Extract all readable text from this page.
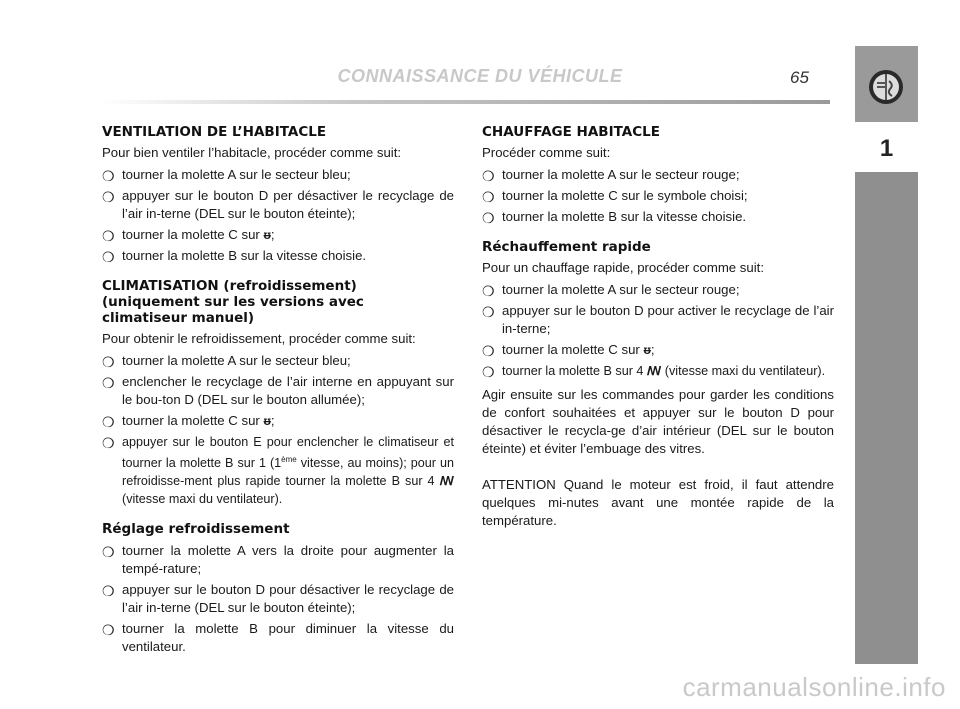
CONNAISSANCE DU VÉHICULE	65
1
VENTILATION DE L’HABITACLE

Pour bien ventiler l’habitacle, procéder comme suit:

❍ tourner la molette A sur le secteur bleu;
❍ appuyer sur le bouton D per désactiver le recyclage de l’air in-terne (DEL sur le bouton éteinte);
❍ tourner la molette C sur ᵿ;
❍ tourner la molette B sur la vitesse choisie.
CLIMATISATION (refroidissement)
(uniquement sur les versions avec
climatiseur manuel)

Pour obtenir le refroidissement, procéder comme suit:

❍ tourner la molette A sur le secteur bleu;
❍ enclencher le recyclage de l’air interne en appuyant sur le bou-ton D (DEL sur le bouton allumée);
❍ tourner la molette C sur ᵿ;
❍ appuyer sur le bouton E pour enclencher le climatiseur et tourner la molette B sur 1 (1ème vitesse, au moins); pour un refroidisse-ment plus rapide tourner la molette B sur 4 ꟿ (vitesse maxi du ventilateur).
Réglage refroidissement
❍ tourner la molette A vers la droite pour augmenter la tempé-rature;
❍ appuyer sur le bouton D pour désactiver le recyclage de l’air in-terne (DEL sur le bouton éteinte);
❍ tourner la molette B pour diminuer la vitesse du ventilateur.
CHAUFFAGE HABITACLE

Procéder comme suit:

❍ tourner la molette A sur le secteur rouge;
❍ tourner la molette C sur le symbole choisi;
❍ tourner la molette B sur la vitesse choisie.
Réchauffement rapide

Pour un chauffage rapide, procéder comme suit:

❍ tourner la molette A sur le secteur rouge;
❍ appuyer sur le bouton D pour activer le recyclage de l’air in-terne;
❍ tourner la molette C sur ᵿ;
❍ tourner la molette B sur 4 ꟿ (vitesse maxi du ventilateur).

Agir ensuite sur les commandes pour garder les conditions de confort souhaitées et appuyer sur le bouton D pour désactiver le recycla-ge d’air intérieur (DEL sur le bouton éteinte) et éviter l’embuage des vitres.

ATTENTION Quand le moteur est froid, il faut attendre quelques mi-nutes avant une montée rapide de la température.

carmanualsonline.info
